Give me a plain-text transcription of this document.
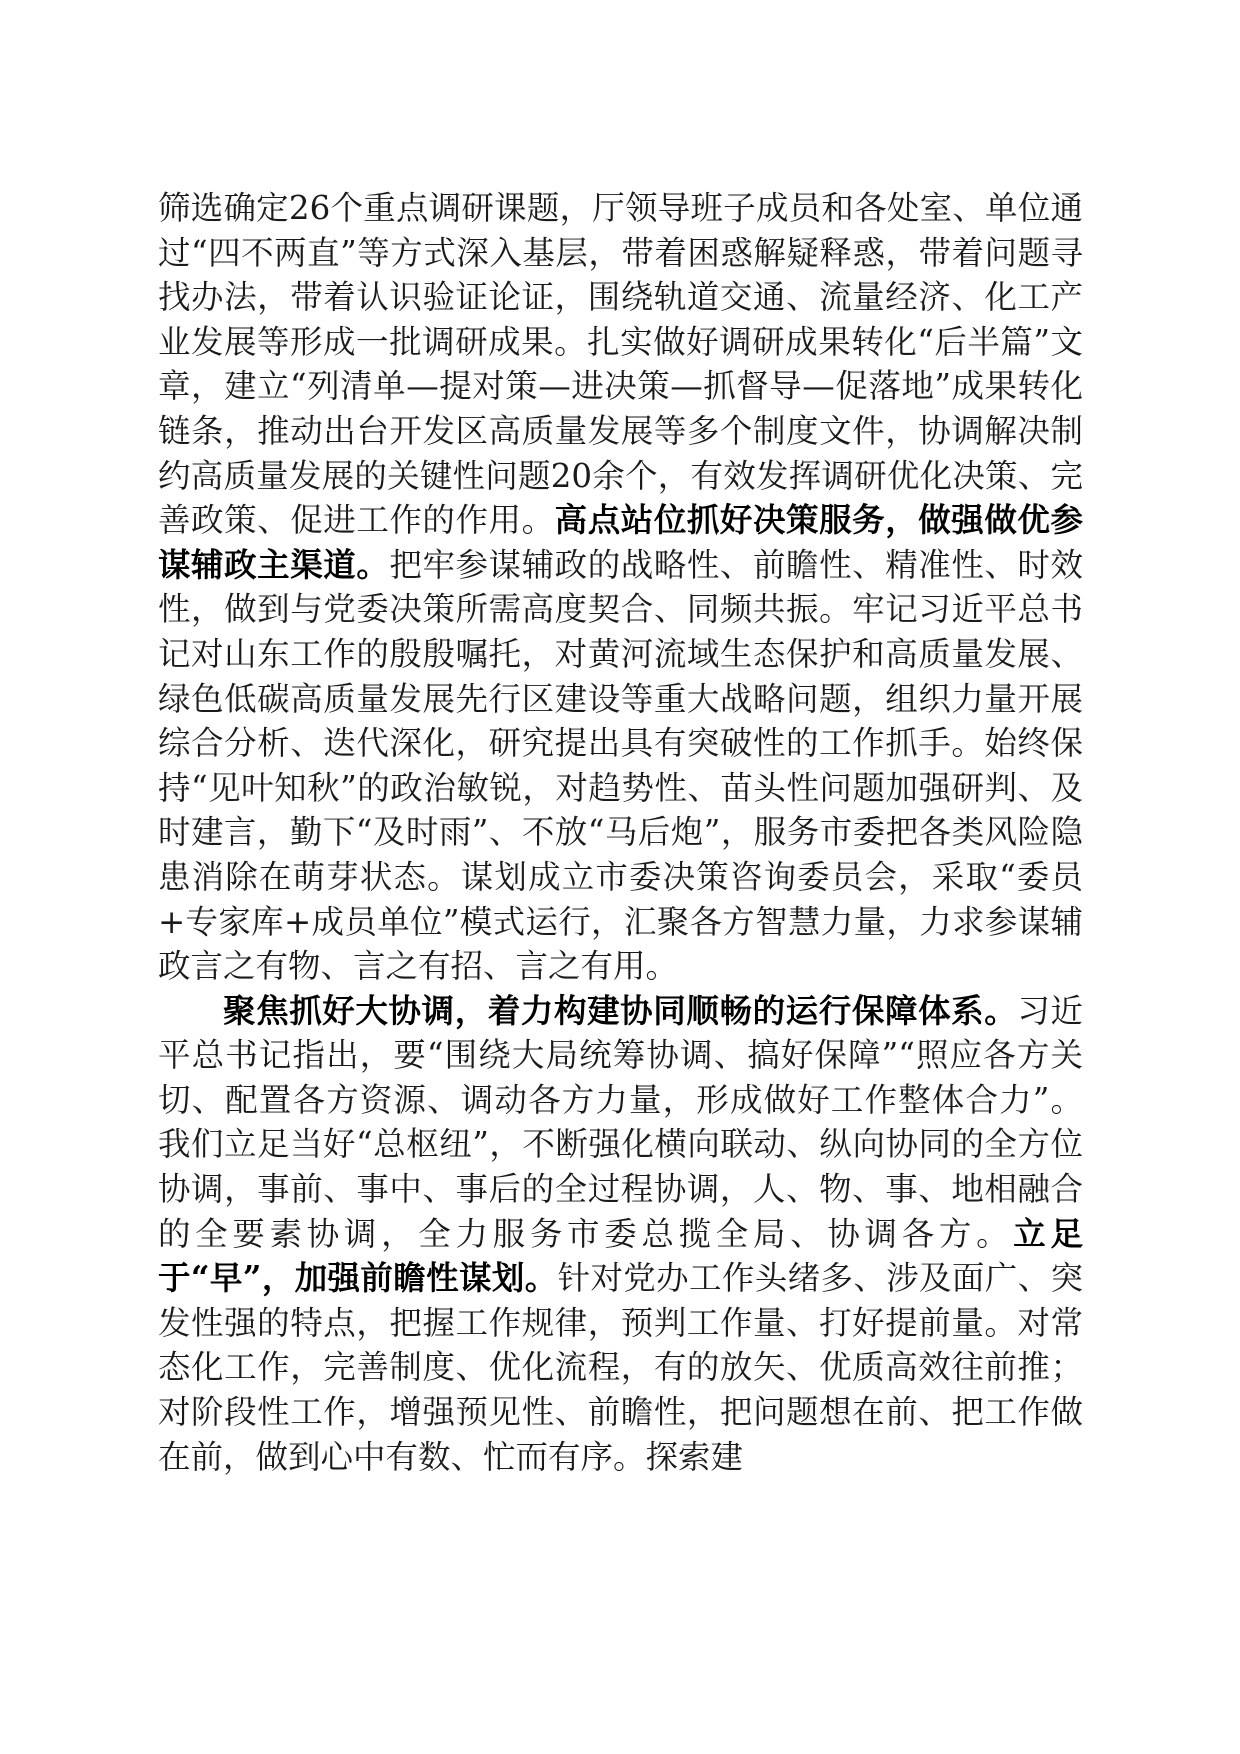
筛选确定26个重点调研课题，厅领导班子成员和各处室、单位通过“四不两直”等方式深入基层，带着困惑解疑释惑，带着问题寻找办法，带着认识验证论证，围绕轨道交通、流量经济、化工产业发展等形成一批调研成果。扎实做好调研成果转化“后半篇”文章，建立“列清单—提对策—进决策—抓督导—促落地”成果转化链条，推动出台开发区高质量发展等多个制度文件，协调解决制约高质量发展的关键性问题20余个，有效发挥调研优化决策、完善政策、促进工作的作用。高点站位抓好决策服务，做强做优参谋辅政主渠道。把牢参谋辅政的战略性、前瞻性、精准性、时效性，做到与党委决策所需高度契合、同频共振。牢记习近平总书记对山东工作的殷殷嘱托，对黄河流域生态保护和高质量发展、绿色低碳高质量发展先行区建设等重大战略问题，组织力量开展综合分析、迭代深化，研究提出具有突破性的工作抓手。始终保持“见叶知秋”的政治敏锐，对趋势性、苗头性问题加强研判、及时建言，勤下“及时雨”、不放“马后炮”，服务市委把各类风险隐患消除在萌芽状态。谋划成立市委决策咨询委员会，采取“委员+专家库+成员单位”模式运行，汇聚各方智慧力量，力求参谋辅政言之有物、言之有招、言之有用。

聚焦抓好大协调，着力构建协同顺畅的运行保障体系。习近平总书记指出，要“围绕大局统筹协调、搞好保障”“照应各方关切、配置各方资源、调动各方力量，形成做好工作整体合力”。我们立足当好“总枢纽”，不断强化横向联动、纵向协同的全方位协调，事前、事中、事后的全过程协调，人、物、事、地相融合的全要素协调，全力服务市委总揽全局、协调各方。立足于“早”，加强前瞻性谋划。针对党办工作头绪多、涉及面广、突发性强的特点，把握工作规律，预判工作量、打好提前量。对常态化工作，完善制度、优化流程，有的放矢、优质高效往前推；对阶段性工作，增强预见性、前瞻性，把问题想在前、把工作做在前，做到心中有数、忙而有序。探索建
